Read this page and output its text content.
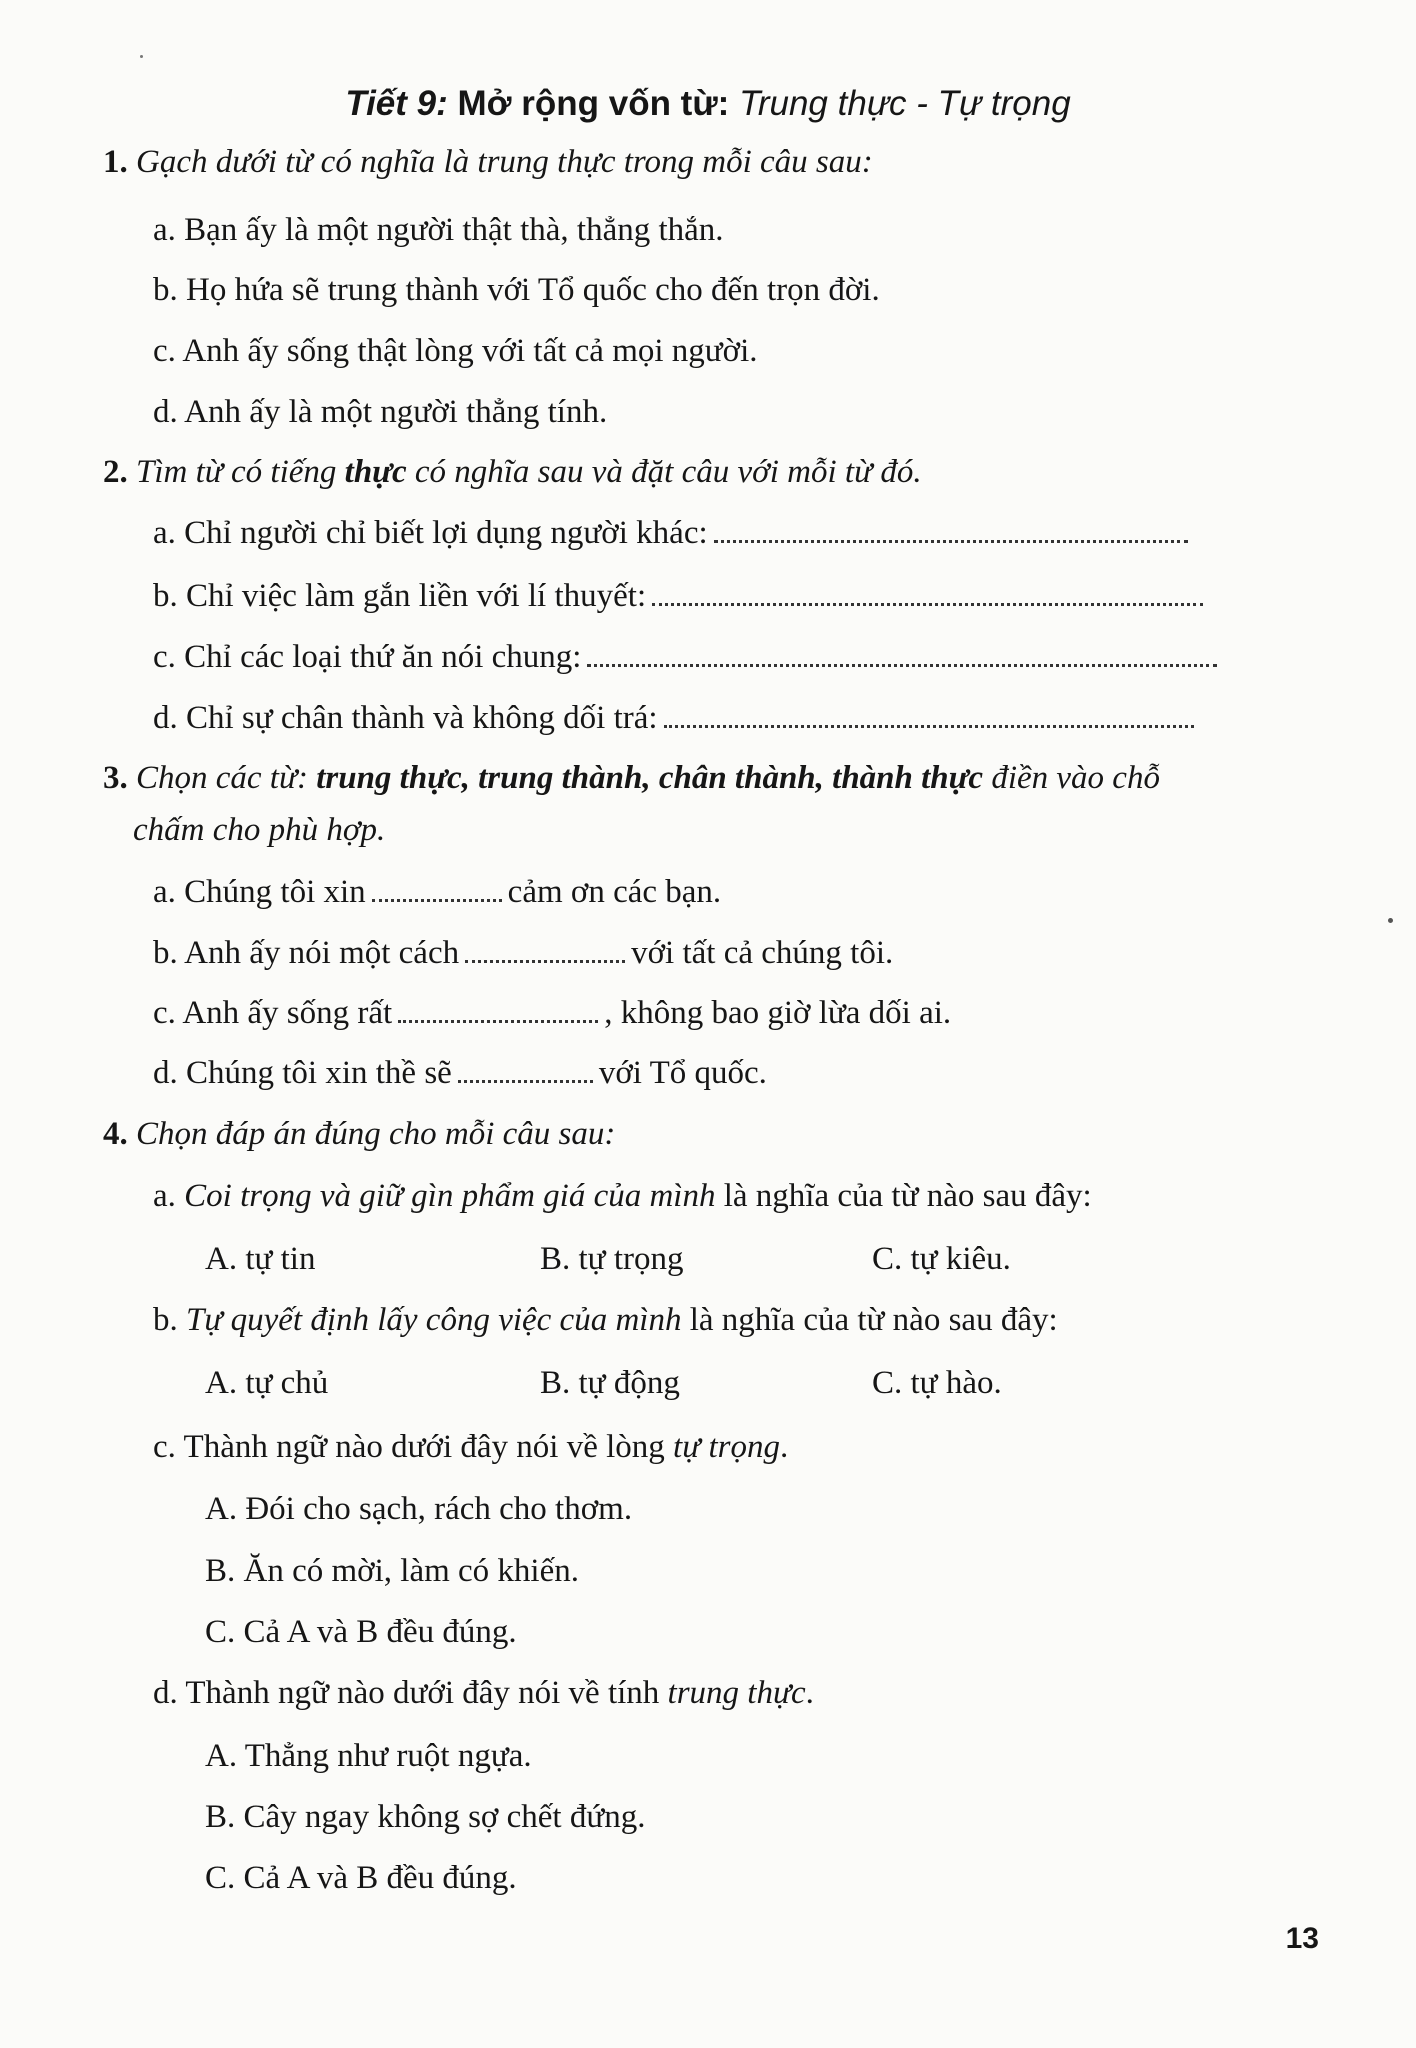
Tiết 9: Mở rộng vốn từ: Trung thực - Tự trọng
1. Gạch dưới từ có nghĩa là trung thực trong mỗi câu sau:
a. Bạn ấy là một người thật thà, thẳng thắn.
b. Họ hứa sẽ trung thành với Tổ quốc cho đến trọn đời.
c. Anh ấy sống thật lòng với tất cả mọi người.
d. Anh ấy là một người thẳng tính.
2. Tìm từ có tiếng thực có nghĩa sau và đặt câu với mỗi từ đó.
a. Chỉ người chỉ biết lợi dụng người khác:
b. Chỉ việc làm gắn liền với lí thuyết:
c. Chỉ các loại thứ ăn nói chung:
d. Chỉ sự chân thành và không dối trá:
3. Chọn các từ: trung thực, trung thành, chân thành, thành thực điền vào chỗ
chấm cho phù hợp.
a. Chúng tôi xin	cảm ơn các bạn.
b. Anh ấy nói một cách	với tất cả chúng tôi.
c. Anh ấy sống rất	, không bao giờ lừa dối ai.
d. Chúng tôi xin thề sẽ	với Tổ quốc.
4. Chọn đáp án đúng cho mỗi câu sau:
a. Coi trọng và giữ gìn phẩm giá của mình là nghĩa của từ nào sau đây:
A. tự tin	B. tự trọng	C. tự kiêu.
b. Tự quyết định lấy công việc của mình là nghĩa của từ nào sau đây:
A. tự chủ	B. tự động	C. tự hào.
c. Thành ngữ nào dưới đây nói về lòng tự trọng.
A. Đói cho sạch, rách cho thơm.
B. Ăn có mời, làm có khiến.
C. Cả A và B đều đúng.
d. Thành ngữ nào dưới đây nói về tính trung thực.
A. Thẳng như ruột ngựa.
B. Cây ngay không sợ chết đứng.
C. Cả A và B đều đúng.
13
